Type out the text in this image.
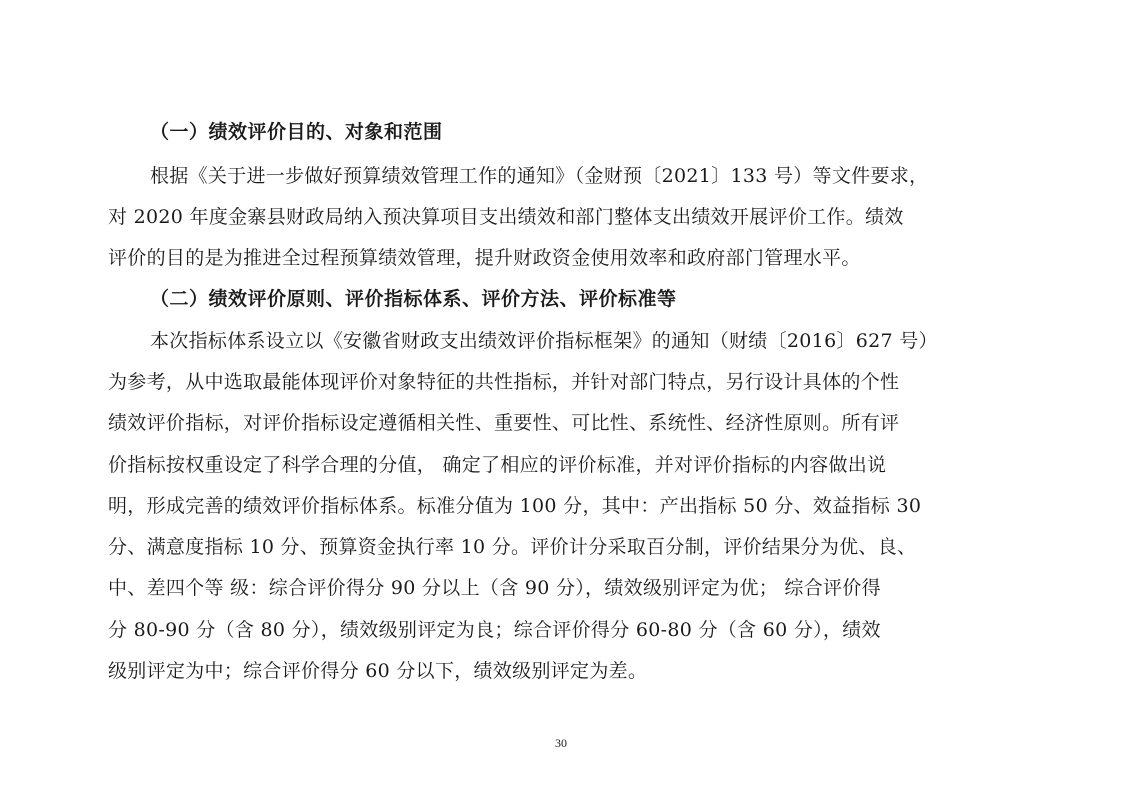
（一）绩效评价目的、对象和范围
根据《关于进一步做好预算绩效管理工作的通知》（金财预〔2021〕133 号）等文件要求，
对 2020 年度金寨县财政局纳入预决算项目支出绩效和部门整体支出绩效开展评价工作。绩效
评价的目的是为推进全过程预算绩效管理，提升财政资金使用效率和政府部门管理水平。
（二）绩效评价原则、评价指标体系、评价方法、评价标准等
本次指标体系设立以《安徽省财政支出绩效评价指标框架》的通知（财绩〔2016〕627 号）
为参考，从中选取最能体现评价对象特征的共性指标，并针对部门特点，另行设计具体的个性
绩效评价指标，对评价指标设定遵循相关性、重要性、可比性、系统性、经济性原则。所有评
价指标按权重设定了科学合理的分值， 确定了相应的评价标准，并对评价指标的内容做出说
明，形成完善的绩效评价指标体系。标准分值为 100 分，其中：产出指标 50 分、效益指标 30
分、满意度指标 10 分、预算资金执行率 10 分。评价计分采取百分制，评价结果分为优、良、
中、差四个等 级：综合评价得分 90 分以上（含 90 分），绩效级别评定为优； 综合评价得
分 80-90 分（含 80 分），绩效级别评定为良；综合评价得分 60-80 分（含 60 分），绩效
级别评定为中；综合评价得分 60 分以下，绩效级别评定为差。
30
